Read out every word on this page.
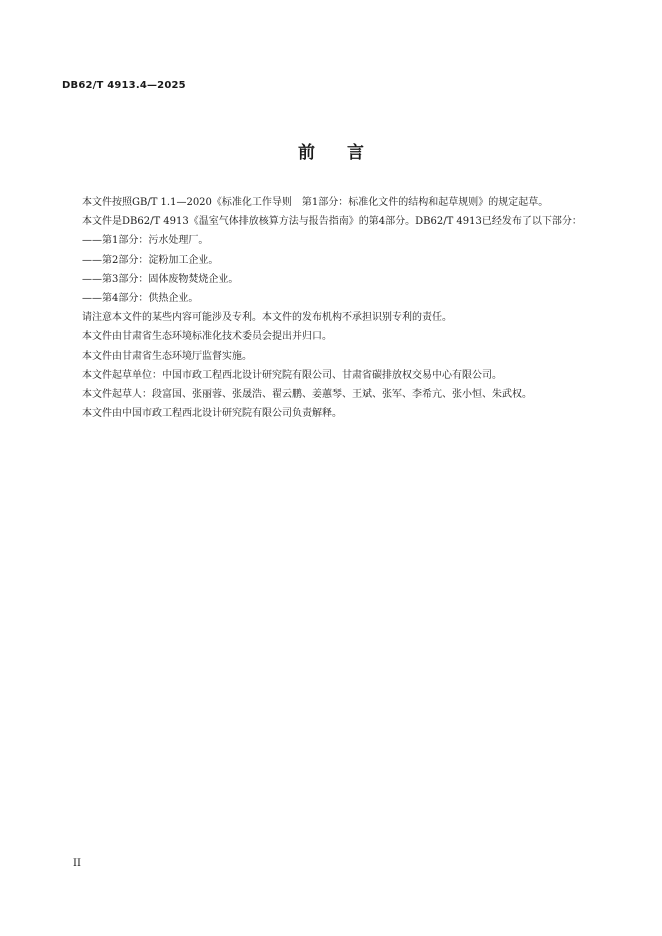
DB62/T 4913.4—2025
前言

本文件按照GB/T 1.1—2020《标准化工作导则　第1部分：标准化文件的结构和起草规则》的规定起草。

本文件是DB62/T 4913《温室气体排放核算方法与报告指南》的第4部分。DB62/T 4913已经发布了以下部分：

——第1部分：污水处理厂。

——第2部分：淀粉加工企业。

——第3部分：固体废物焚烧企业。

——第4部分：供热企业。

请注意本文件的某些内容可能涉及专利。本文件的发布机构不承担识别专利的责任。

本文件由甘肃省生态环境标准化技术委员会提出并归口。

本文件由甘肃省生态环境厅监督实施。

本文件起草单位：中国市政工程西北设计研究院有限公司、甘肃省碳排放权交易中心有限公司。

本文件起草人：段富国、张丽蓉、张晟浩、翟云鹏、姜蕙琴、王斌、张军、李希亢、张小恒、朱武权。

本文件由中国市政工程西北设计研究院有限公司负责解释。

II
